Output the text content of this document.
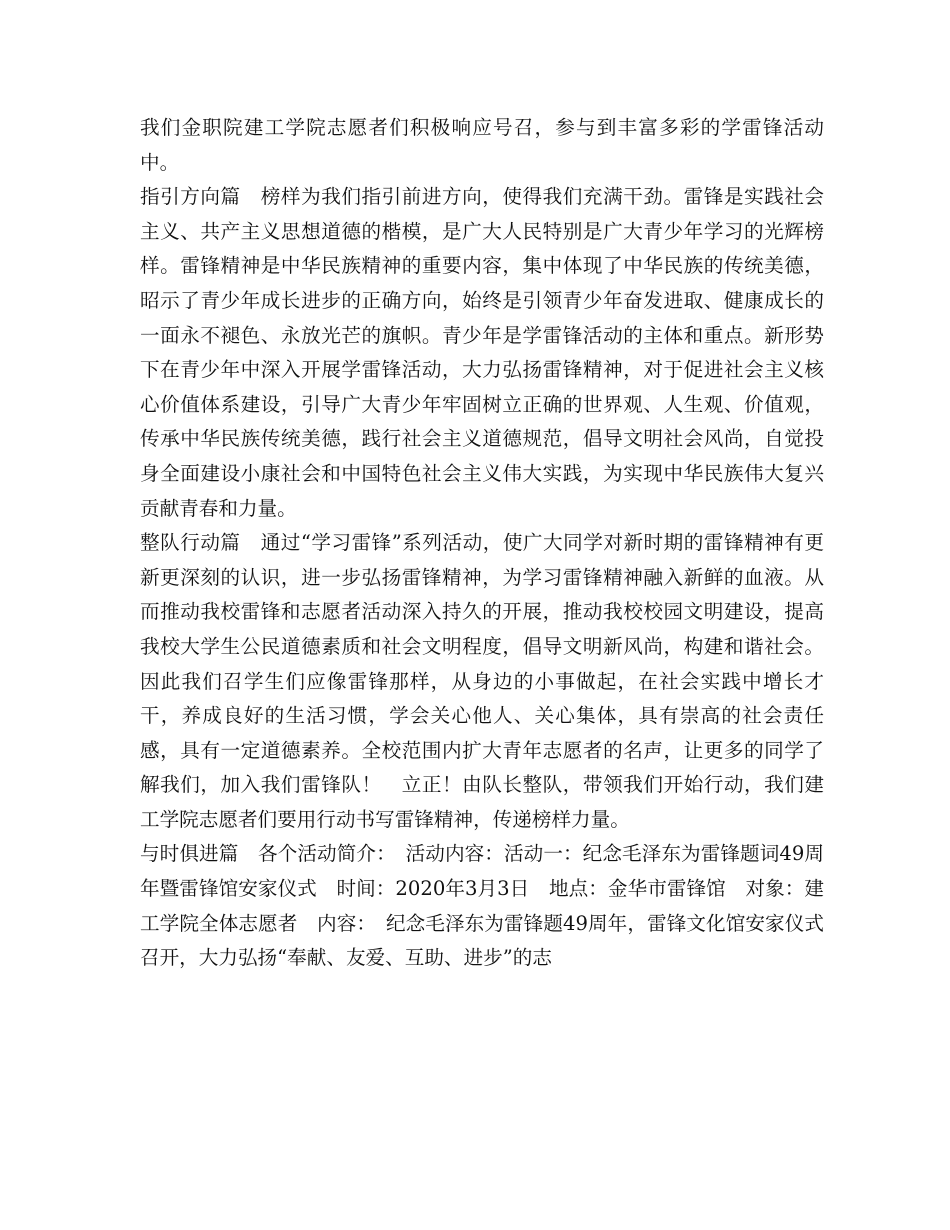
我们金职院建工学院志愿者们积极响应号召，参与到丰富多彩的学雷锋活动中。

指引方向篇　榜样为我们指引前进方向，使得我们充满干劲。雷锋是实践社会主义、共产主义思想道德的楷模，是广大人民特别是广大青少年学习的光辉榜样。雷锋精神是中华民族精神的重要内容，集中体现了中华民族的传统美德，昭示了青少年成长进步的正确方向，始终是引领青少年奋发进取、健康成长的一面永不褪色、永放光芒的旗帜。青少年是学雷锋活动的主体和重点。新形势下在青少年中深入开展学雷锋活动，大力弘扬雷锋精神，对于促进社会主义核心价值体系建设，引导广大青少年牢固树立正确的世界观、人生观、价值观，传承中华民族传统美德，践行社会主义道德规范，倡导文明社会风尚，自觉投身全面建设小康社会和中国特色社会主义伟大实践，为实现中华民族伟大复兴贡献青春和力量。

整队行动篇　通过“学习雷锋”系列活动，使广大同学对新时期的雷锋精神有更新更深刻的认识，进一步弘扬雷锋精神，为学习雷锋精神融入新鲜的血液。从而推动我校雷锋和志愿者活动深入持久的开展，推动我校校园文明建设，提高我校大学生公民道德素质和社会文明程度，倡导文明新风尚，构建和谐社会。因此我们召学生们应像雷锋那样，从身边的小事做起，在社会实践中增长才干，养成良好的生活习惯，学会关心他人、关心集体，具有崇高的社会责任感，具有一定道德素养。全校范围内扩大青年志愿者的名声，让更多的同学了解我们，加入我们雷锋队！　立正！由队长整队，带领我们开始行动，我们建工学院志愿者们要用行动书写雷锋精神，传递榜样力量。

与时俱进篇　各个活动简介：　活动内容：活动一：纪念毛泽东为雷锋题词49周年暨雷锋馆安家仪式　时间：2020年3月3日　地点：金华市雷锋馆　对象：建工学院全体志愿者　内容：　纪念毛泽东为雷锋题49周年，雷锋文化馆安家仪式召开，大力弘扬“奉献、友爱、互助、进步”的志
